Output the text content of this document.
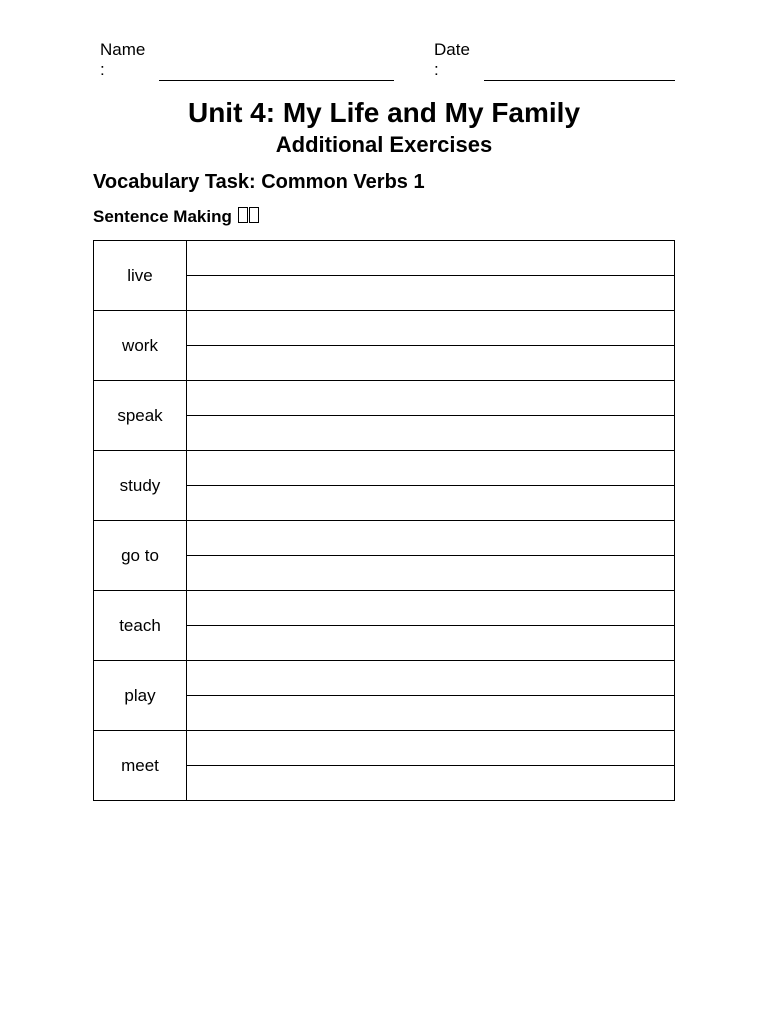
Name
:
Date
:
Unit 4: My Life and My Family
Additional Exercises
Vocabulary Task: Common Verbs 1
Sentence Making
live	

work	

speak	

study	

go to	

teach	

play	

meet	
